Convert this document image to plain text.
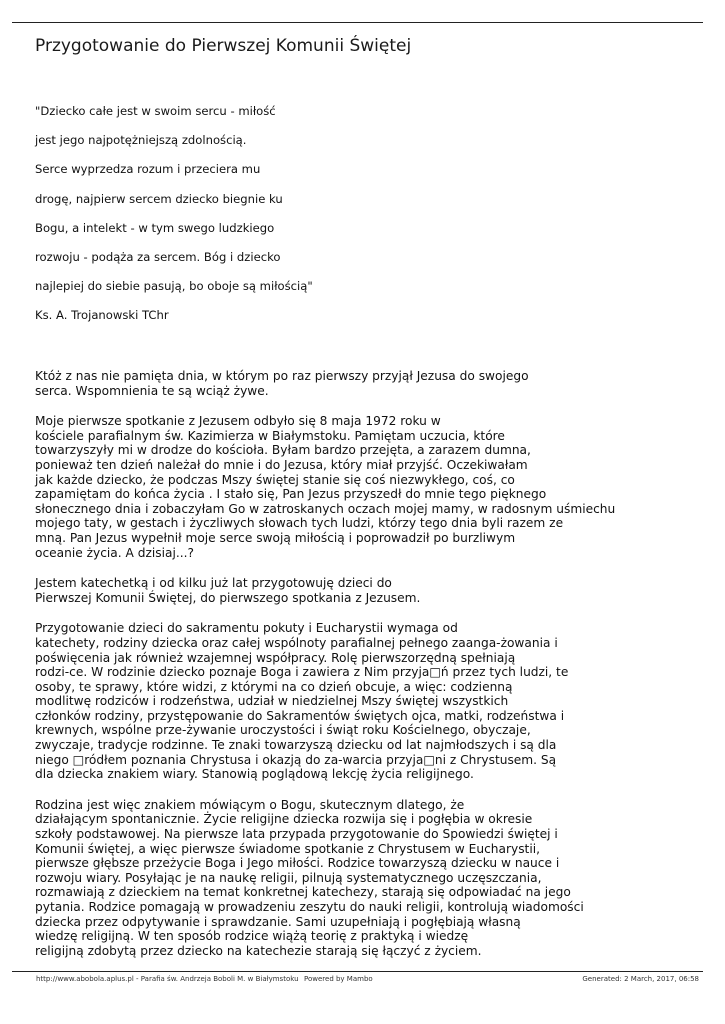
Przygotowanie do Pierwszej Komunii Świętej
"Dziecko całe jest w swoim sercu - miłość
jest jego najpotężniejszą zdolnością.
Serce wyprzedza rozum i przeciera mu
drogę, najpierw sercem dziecko biegnie ku
Bogu, a intelekt - w tym swego ludzkiego
rozwoju - podąża za sercem. Bóg i dziecko
najlepiej do siebie pasują, bo oboje są miłością"
Ks. A. Trojanowski TChr

Któż z nas nie pamięta dnia, w którym po raz pierwszy przyjął Jezusa do swojego
serca. Wspomnienia te są wciąż żywe.

Moje pierwsze spotkanie z Jezusem odbyło się 8 maja 1972 roku w
kościele parafialnym św. Kazimierza w Białymstoku. Pamiętam uczucia, które
towarzyszyły mi w drodze do kościoła. Byłam bardzo przejęta, a zarazem dumna,
ponieważ ten dzień należał do mnie i do Jezusa, który miał przyjść. Oczekiwałam
jak każde dziecko, że podczas Mszy świętej stanie się coś niezwykłego, coś, co
zapamiętam do końca życia . I stało się, Pan Jezus przyszedł do mnie tego pięknego
słonecznego dnia i zobaczyłam Go w zatroskanych oczach mojej mamy, w radosnym uśmiechu
mojego taty, w gestach i życzliwych słowach tych ludzi, którzy tego dnia byli razem ze
mną. Pan Jezus wypełnił moje serce swoją miłością i poprowadził po burzliwym
oceanie życia. A dzisiaj...?

Jestem katechetką i od kilku już lat przygotowuję dzieci do
Pierwszej Komunii Świętej, do pierwszego spotkania z Jezusem.

Przygotowanie dzieci do sakramentu pokuty i Eucharystii wymaga od
katechety, rodziny dziecka oraz całej wspólnoty parafialnej pełnego zaanga-żowania i
poświęcenia jak również wzajemnej współpracy. Rolę pierwszorzędną spełniają
rodzi-ce. W rodzinie dziecko poznaje Boga i zawiera z Nim przyja□ń przez tych ludzi, te
osoby, te sprawy, które widzi, z którymi na co dzień obcuje, a więc: codzienną
modlitwę rodziców i rodzeństwa, udział w niedzielnej Mszy świętej wszystkich
członków rodziny, przystępowanie do Sakramentów świętych ojca, matki, rodzeństwa i
krewnych, wspólne prze-żywanie uroczystości i świąt roku Kościelnego, obyczaje,
zwyczaje, tradycje rodzinne. Te znaki towarzyszą dziecku od lat najmłodszych i są dla
niego □ródłem poznania Chrystusa i okazją do za-warcia przyja□ni z Chrystusem. Są
dla dziecka znakiem wiary. Stanowią poglądową lekcję życia religijnego.

Rodzina jest więc znakiem mówiącym o Bogu, skutecznym dlatego, że
działającym spontanicznie. Życie religijne dziecka rozwija się i pogłębia w okresie
szkoły podstawowej. Na pierwsze lata przypada przygotowanie do Spowiedzi świętej i
Komunii świętej, a więc pierwsze świadome spotkanie z Chrystusem w Eucharystii,
pierwsze głębsze przeżycie Boga i Jego miłości. Rodzice towarzyszą dziecku w nauce i
rozwoju wiary. Posyłając je na naukę religii, pilnują systematycznego uczęszczania,
rozmawiają z dzieckiem na temat konkretnej katechezy, starają się odpowiadać na jego
pytania. Rodzice pomagają w prowadzeniu zeszytu do nauki religii, kontrolują wiadomości
dziecka przez odpytywanie i sprawdzanie. Sami uzupełniają i pogłębiają własną
wiedzę religijną. W ten sposób rodzice wiążą teorię z praktyką i wiedzę
religijną zdobytą przez dziecko na katechezie starają się łączyć z życiem.

http://www.abobola.aplus.pl - Parafia św. Andrzeja Boboli M. w Białymstoku Powered by Mambo	Generated: 2 March, 2017, 06:58
